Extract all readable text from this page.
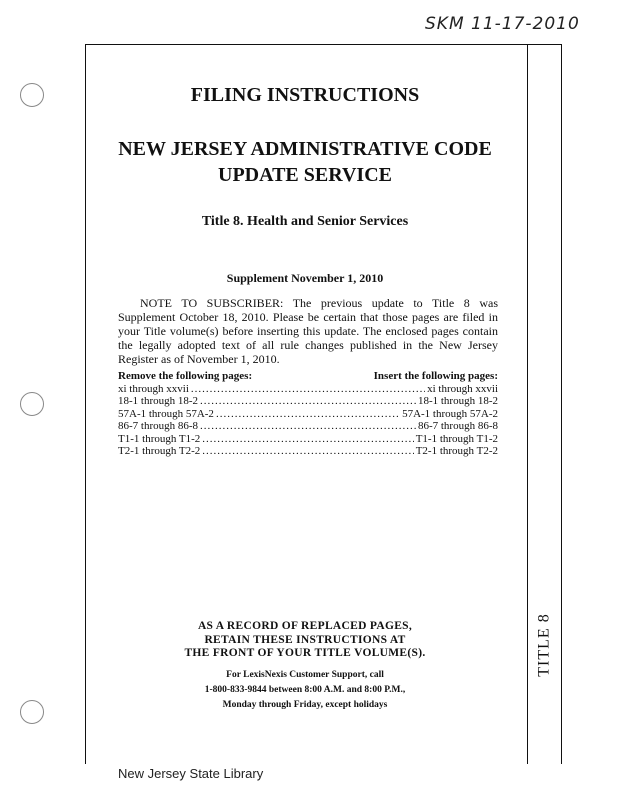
SKM 11-17-2010
TITLE 8
FILING INSTRUCTIONS
NEW JERSEY ADMINISTRATIVE CODE
UPDATE SERVICE
Title 8. Health and Senior Services
Supplement November 1, 2010
NOTE TO SUBSCRIBER: The previous update to Title 8 was Supplement October 18, 2010. Please be certain that those pages are filed in your Title volume(s) before inserting this update. The enclosed pages contain the legally adopted text of all rule changes published in the New Jersey Register as of November 1, 2010.
Remove the following pages:	Insert the following pages:
xi through xxvii .....	xi through xxvii
18-1 through 18-2 .....	18-1 through 18-2
57A-1 through 57A-2 .....	57A-1 through 57A-2
86-7 through 86-8 .....	86-7 through 86-8
T1-1 through T1-2 .....	T1-1 through T1-2
T2-1 through T2-2 .....	T2-1 through T2-2
AS A RECORD OF REPLACED PAGES,
RETAIN THESE INSTRUCTIONS AT
THE FRONT OF YOUR TITLE VOLUME(S).
For LexisNexis Customer Support, call
1-800-833-9844 between 8:00 A.M. and 8:00 P.M.,
Monday through Friday, except holidays
New Jersey State Library
